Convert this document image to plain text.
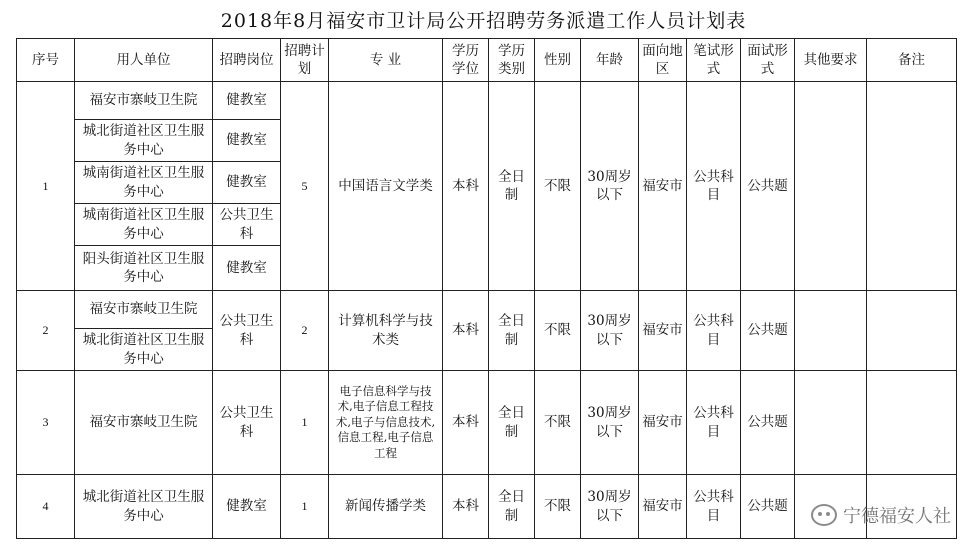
2018年8月福安市卫计局公开招聘劳务派遣工作人员计划表
序号	用人单位	招聘岗位	招聘计划	专 业	学历学位	学历类别	性别	年龄	面向地区	笔试形式	面试形式	其他要求	备注
1	福安市寨岐卫生院	健教室	5	中国语言文学类	本科	全日制	不限	30周岁以下	福安市	公共科目	公共题		
	城北街道社区卫生服务中心	健教室											
	城南街道社区卫生服务中心	健教室											
	城南街道社区卫生服务中心	公共卫生科											
	阳头街道社区卫生服务中心	健教室											
2	福安市寨岐卫生院	公共卫生科	2	计算机科学与技术类	本科	全日制	不限	30周岁以下	福安市	公共科目	公共题		
	城北街道社区卫生服务中心												
3	福安市寨岐卫生院	公共卫生科	1	电子信息科学与技术,电子信息工程技术,电子与信息技术,信息工程,电子信息工程	本科	全日制	不限	30周岁以下	福安市	公共科目	公共题		
4	城北街道社区卫生服务中心	健教室	1	新闻传播学类	本科	全日制	不限	30周岁以下	福安市	公共科目	公共题			宁德福安人社
